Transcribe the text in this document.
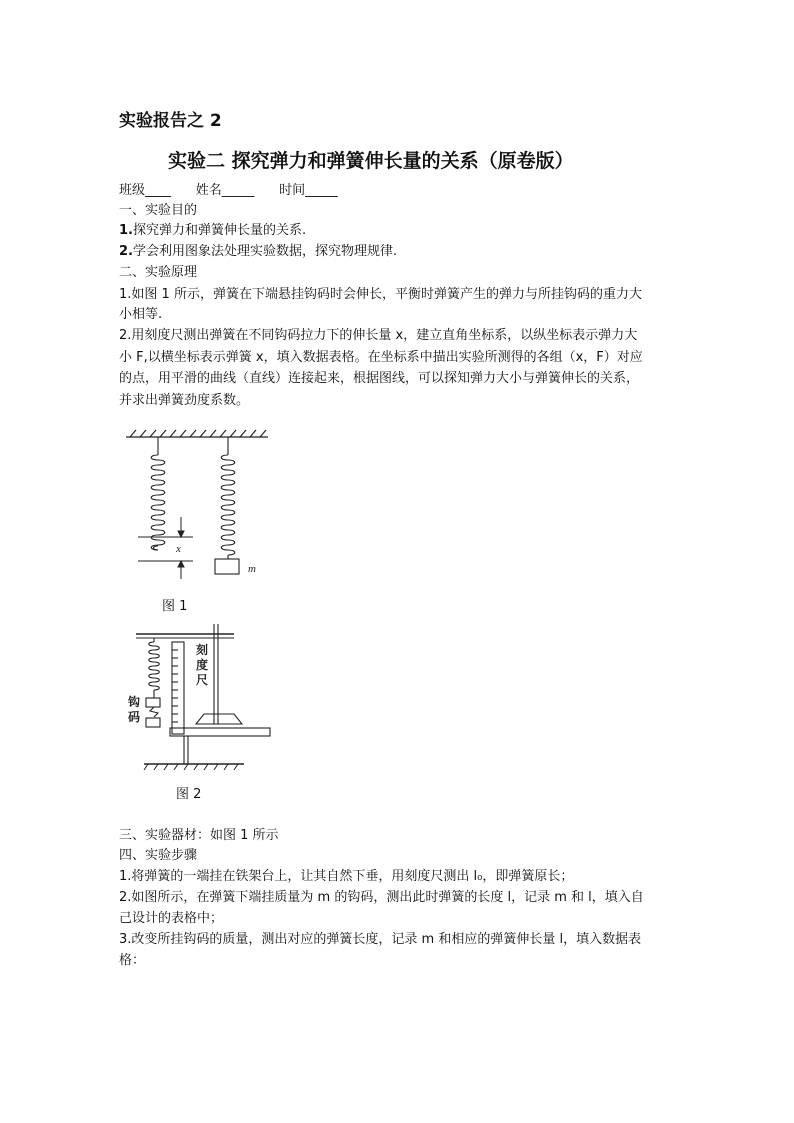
实验报告之 2
实验二 探究弹力和弹簧伸长量的关系（原卷版）
班级____      姓名_____      时间_____
一、实验目的
1.探究弹力和弹簧伸长量的关系.
2.学会利用图象法处理实验数据，探究物理规律.
二、实验原理
1.如图 1 所示，弹簧在下端悬挂钩码时会伸长，平衡时弹簧产生的弹力与所挂钩码的重力大
小相等.
2.用刻度尺测出弹簧在不同钩码拉力下的伸长量 x，建立直角坐标系，以纵坐标表示弹力大
小 F,以横坐标表示弹簧 x，填入数据表格。在坐标系中描出实验所测得的各组（x，F）对应
的点，用平滑的曲线（直线）连接起来，根据图线，可以探知弹力大小与弹簧伸长的关系，
并求出弹簧劲度系数。
x
m
图 1
刻
度
尺
钩
码
图 2
三、实验器材：如图 1 所示
四、实验步骤
1.将弹簧的一端挂在铁架台上，让其自然下垂，用刻度尺测出 l₀，即弹簧原长；
2.如图所示，在弹簧下端挂质量为 m 的钩码，测出此时弹簧的长度 l，记录 m 和 l，填入自
己设计的表格中；
3.改变所挂钩码的质量，测出对应的弹簧长度，记录 m 和相应的弹簧伸长量 l，填入数据表
格：
